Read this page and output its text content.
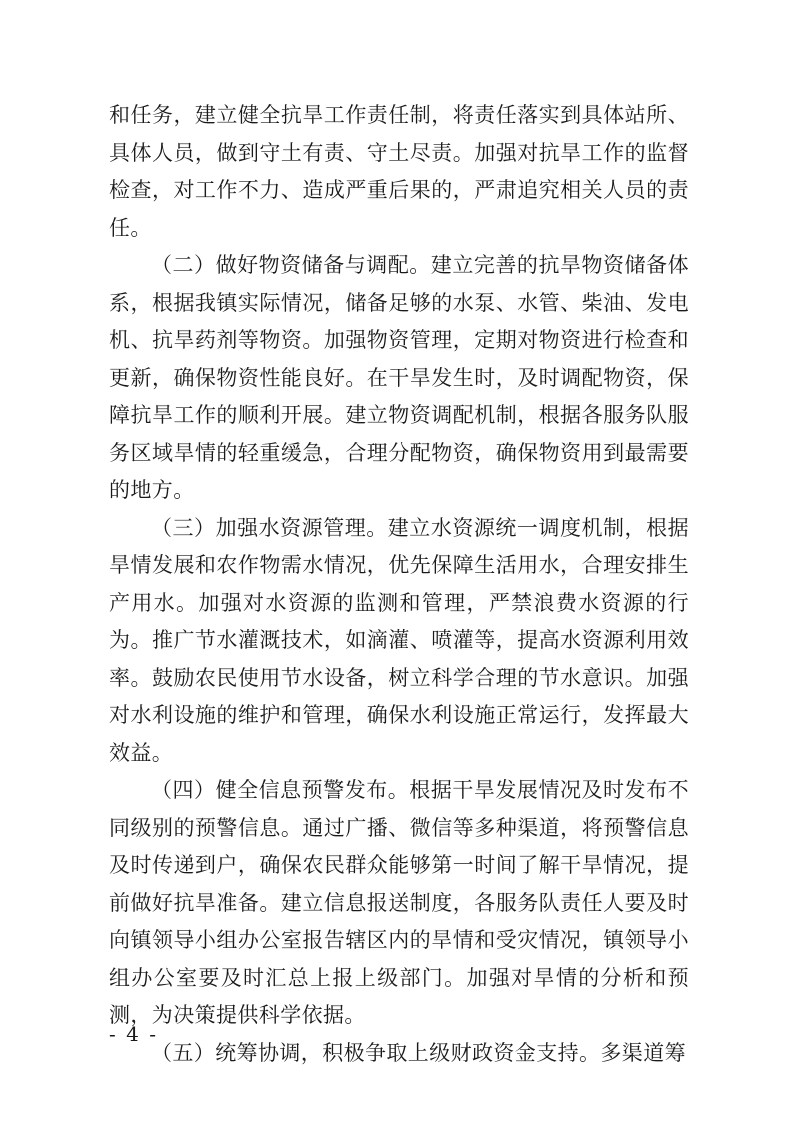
和任务，建立健全抗旱工作责任制，将责任落实到具体站所、具体人员，做到守土有责、守土尽责。加强对抗旱工作的监督检查，对工作不力、造成严重后果的，严肃追究相关人员的责任。

（二）做好物资储备与调配。建立完善的抗旱物资储备体系，根据我镇实际情况，储备足够的水泵、水管、柴油、发电机、抗旱药剂等物资。加强物资管理，定期对物资进行检查和更新，确保物资性能良好。在干旱发生时，及时调配物资，保障抗旱工作的顺利开展。建立物资调配机制，根据各服务队服务区域旱情的轻重缓急，合理分配物资，确保物资用到最需要的地方。

（三）加强水资源管理。建立水资源统一调度机制，根据旱情发展和农作物需水情况，优先保障生活用水，合理安排生产用水。加强对水资源的监测和管理，严禁浪费水资源的行为。推广节水灌溉技术，如滴灌、喷灌等，提高水资源利用效率。鼓励农民使用节水设备，树立科学合理的节水意识。加强对水利设施的维护和管理，确保水利设施正常运行，发挥最大效益。

（四）健全信息预警发布。根据干旱发展情况及时发布不同级别的预警信息。通过广播、微信等多种渠道，将预警信息及时传递到户，确保农民群众能够第一时间了解干旱情况，提前做好抗旱准备。建立信息报送制度，各服务队责任人要及时向镇领导小组办公室报告辖区内的旱情和受灾情况，镇领导小组办公室要及时汇总上报上级部门。加强对旱情的分析和预测，为决策提供科学依据。

（五）统筹协调，积极争取上级财政资金支持。多渠道筹

- 4 -
